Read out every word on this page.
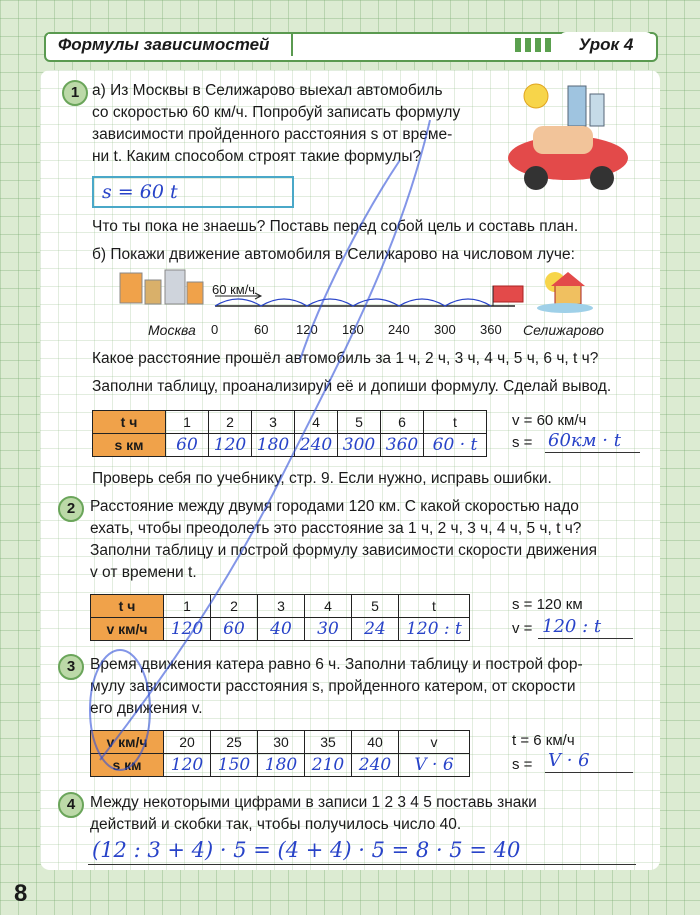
Формулы зависимостей	Урок 4
1 а) Из Москвы в Селижарово выехал автомобиль
со скоростью 60 км/ч. Попробуй записать формулу
зависимости пройденного расстояния s от време-
ни t. Каким способом строят такие формулы?
s = 60 t
Что ты пока не знаешь? Поставь перед собой цель и составь план.
б) Покажи движение автомобиля в Селижарово на числовом луче:
60 км/ч
Москва	Селижарово
0	60 120 180 240 300 360
Какое расстояние прошёл автомобиль за 1 ч, 2 ч, 3 ч, 4 ч, 5 ч, 6 ч, t ч?
Заполни таблицу, проанализируй её и допиши формулу. Сделай вывод.
t ч	1	2	3	4	5	6	t
s км	60	120	180	240	300	360	60 · t
v = 60 км/ч
s = 60км · t
Проверь себя по учебнику, стр. 9. Если нужно, исправь ошибки.
2 Расстояние между двумя городами 120 км. С какой скоростью надо
ехать, чтобы преодолеть это расстояние за 1 ч, 2 ч, 3 ч, 4 ч, 5 ч, t ч?
Заполни таблицу и построй формулу зависимости скорости движения
v от времени t.
t ч	1	2	3	4	5	t
v км/ч	120	60	40	30	24	120 : t
s = 120 км
v = 120 : t
3 Время движения катера равно 6 ч. Заполни таблицу и построй фор-
мулу зависимости расстояния s, пройденного катером, от скорости
его движения v.
v км/ч	20	25	30	35	40	v
s км	120	150	180	210	240	V · 6
t = 6 км/ч
s = V · 6
4 Между некоторыми цифрами в записи 1 2 3 4 5 поставь знаки
действий и скобки так, чтобы получилось число 40.
(12 : 3 + 4) · 5 = (4 + 4) · 5 = 8 · 5 = 40
8
